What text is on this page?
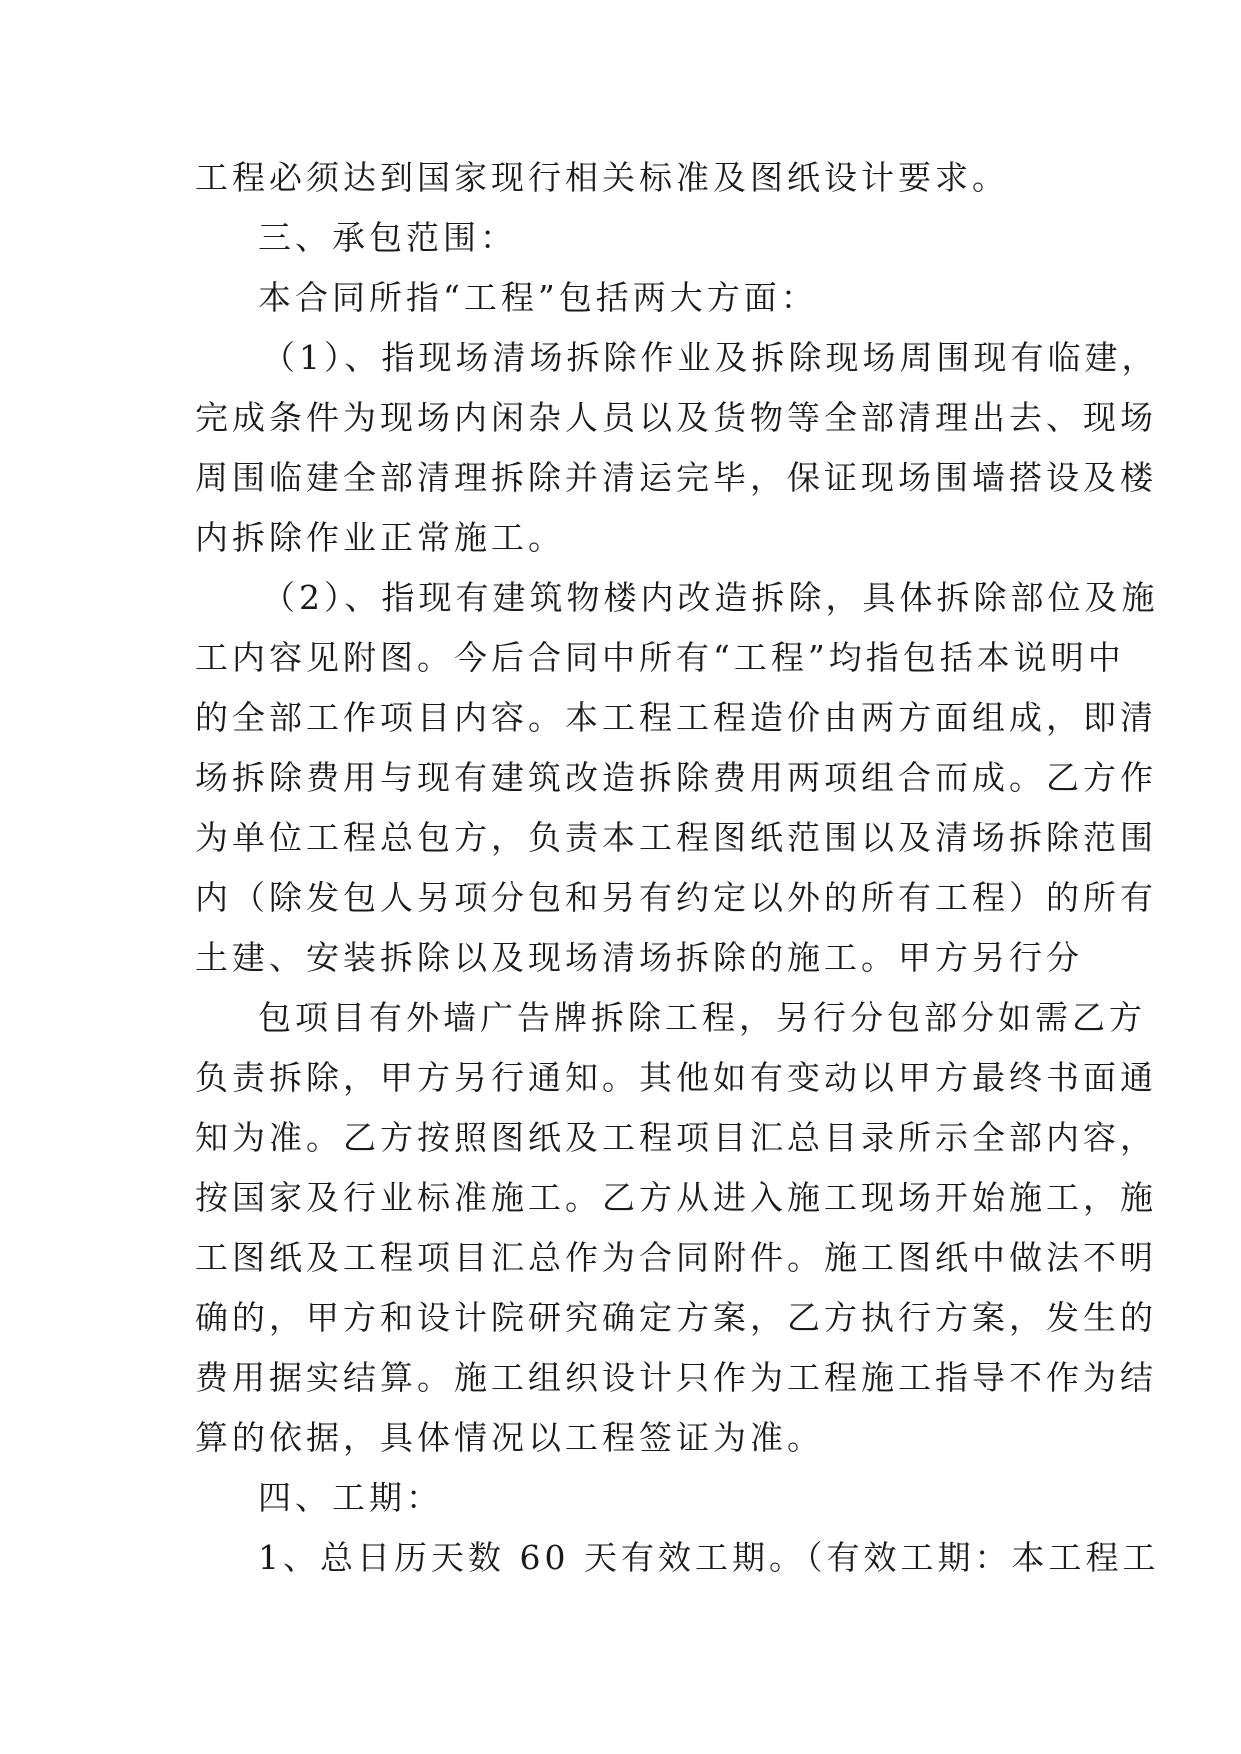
工程必须达到国家现行相关标准及图纸设计要求。
三、承包范围：
本合同所指“工程”包括两大方面：
（1）、指现场清场拆除作业及拆除现场周围现有临建，
完成条件为现场内闲杂人员以及货物等全部清理出去、现场
周围临建全部清理拆除并清运完毕，保证现场围墙搭设及楼
内拆除作业正常施工。
（2）、指现有建筑物楼内改造拆除，具体拆除部位及施
工内容见附图。今后合同中所有“工程”均指包括本说明中
的全部工作项目内容。本工程工程造价由两方面组成，即清
场拆除费用与现有建筑改造拆除费用两项组合而成。乙方作
为单位工程总包方，负责本工程图纸范围以及清场拆除范围
内（除发包人另项分包和另有约定以外的所有工程）的所有
土建、安装拆除以及现场清场拆除的施工。甲方另行分
包项目有外墙广告牌拆除工程，另行分包部分如需乙方
负责拆除，甲方另行通知。其他如有变动以甲方最终书面通
知为准。乙方按照图纸及工程项目汇总目录所示全部内容，
按国家及行业标准施工。乙方从进入施工现场开始施工，施
工图纸及工程项目汇总作为合同附件。施工图纸中做法不明
确的，甲方和设计院研究确定方案，乙方执行方案，发生的
费用据实结算。施工组织设计只作为工程施工指导不作为结
算的依据，具体情况以工程签证为准。
四、工期：
1、总日历天数 60 天有效工期。（有效工期：本工程工
